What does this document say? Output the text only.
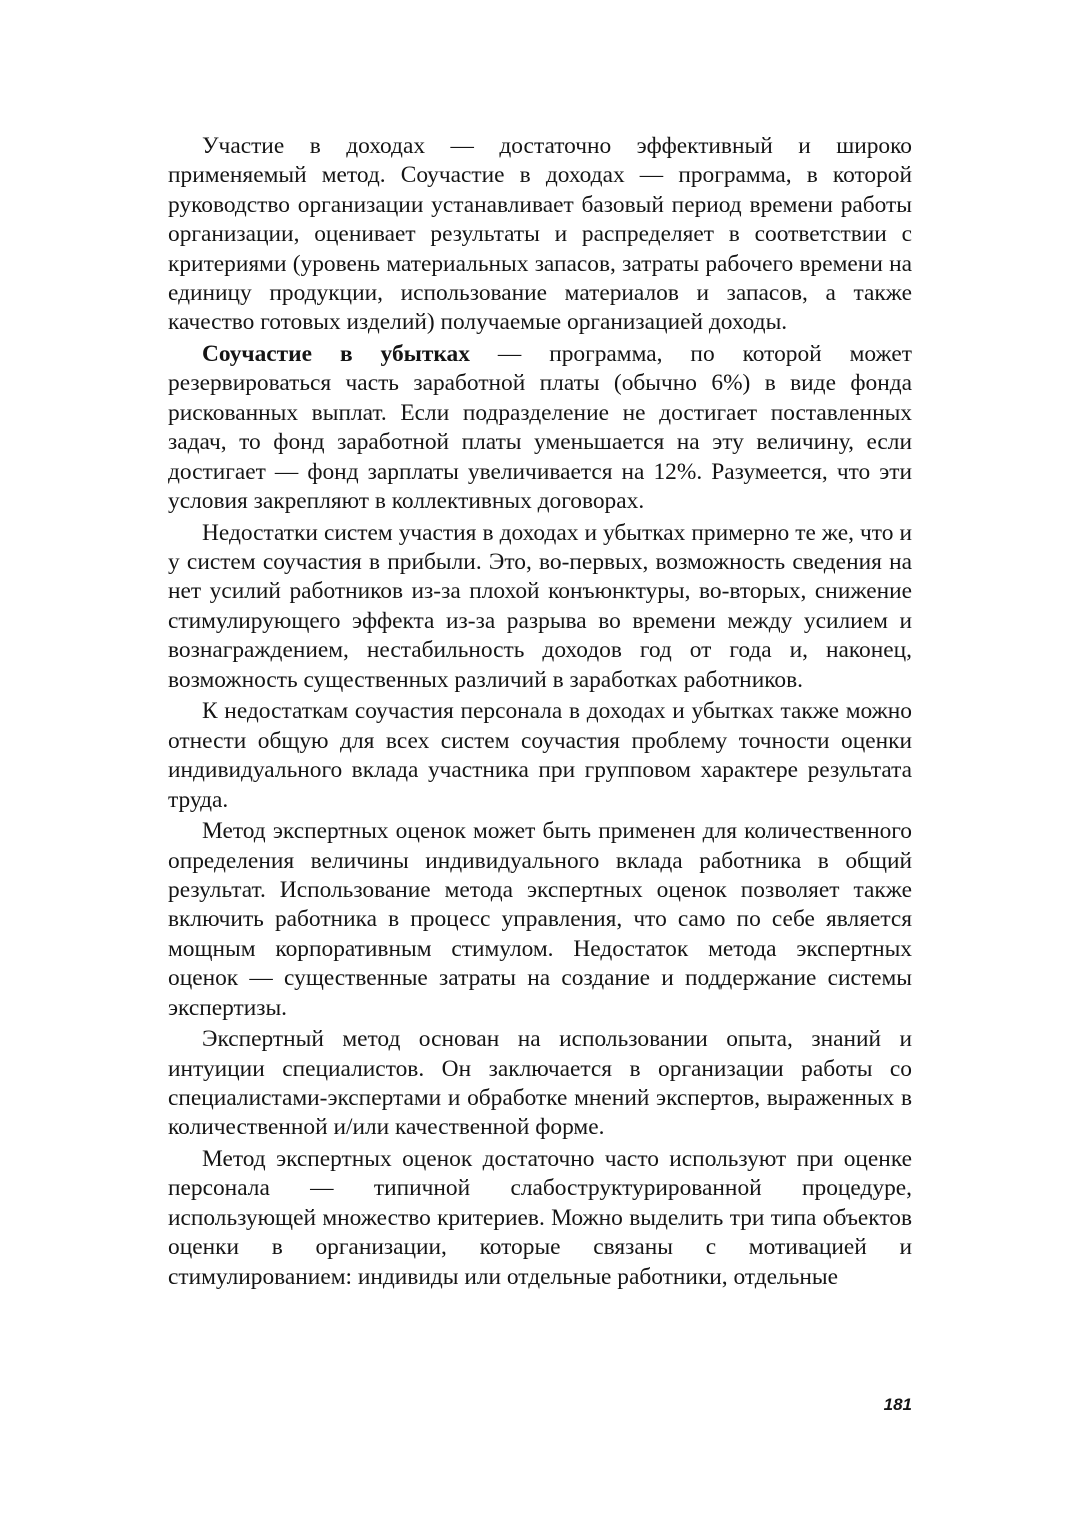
Участие в доходах — достаточно эффективный и широко применяемый метод. Соучастие в доходах — программа, в которой руководство организации устанавливает базовый период времени работы организации, оценивает результаты и распределяет в соответствии с критериями (уровень материальных запасов, затраты рабочего времени на единицу продукции, использование материалов и запасов, а также качество готовых изделий) получаемые организацией доходы.

Соучастие в убытках — программа, по которой может резервироваться часть заработной платы (обычно 6%) в виде фонда рискованных выплат. Если подразделение не достигает поставленных задач, то фонд заработной платы уменьшается на эту величину, если достигает — фонд зарплаты увеличивается на 12%. Разумеется, что эти условия закрепляют в коллективных договорах.

Недостатки систем участия в доходах и убытках примерно те же, что и у систем соучастия в прибыли. Это, во-первых, возможность сведения на нет усилий работников из-за плохой конъюнктуры, во-вторых, снижение стимулирующего эффекта из-за разрыва во времени между усилием и вознаграждением, нестабильность доходов год от года и, наконец, возможность существенных различий в заработках работников.

К недостаткам соучастия персонала в доходах и убытках также можно отнести общую для всех систем соучастия проблему точности оценки индивидуального вклада участника при групповом характере результата труда.

Метод экспертных оценок может быть применен для количественного определения величины индивидуального вклада работника в общий результат. Использование метода экспертных оценок позволяет также включить работника в процесс управления, что само по себе является мощным корпоративным стимулом. Недостаток метода экспертных оценок — существенные затраты на создание и поддержание системы экспертизы.

Экспертный метод основан на использовании опыта, знаний и интуиции специалистов. Он заключается в организации работы со специалистами-экспертами и обработке мнений экспертов, выраженных в количественной и/или качественной форме.

Метод экспертных оценок достаточно часто используют при оценке персонала — типичной слабоструктурированной процедуре, использующей множество критериев. Можно выделить три типа объектов оценки в организации, которые связаны с мотивацией и стимулированием: индивиды или отдельные работники, отдельные

181
